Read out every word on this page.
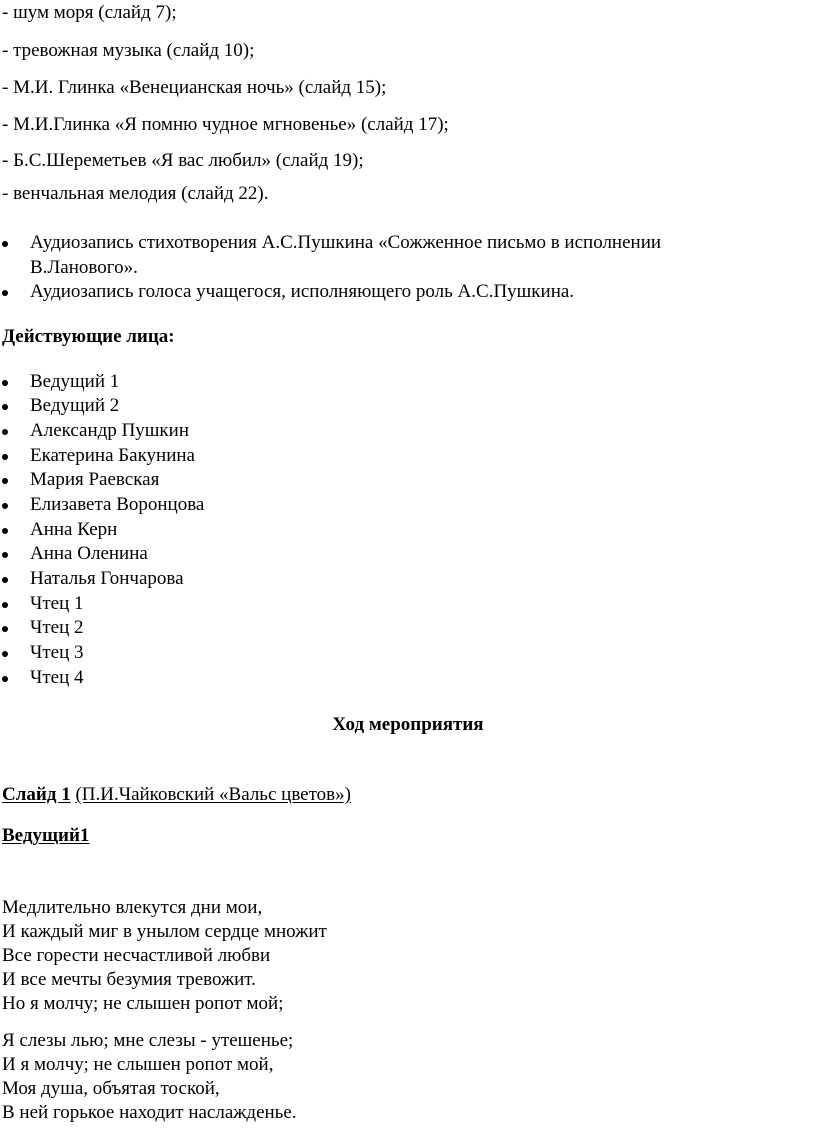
- шум моря (слайд 7);
- тревожная музыка (слайд 10);
- М.И. Глинка «Венецианская ночь» (слайд 15);
- М.И.Глинка «Я помню чудное мгновенье» (слайд 17);
- Б.С.Шереметьев «Я вас любил» (слайд 19);
- венчальная мелодия (слайд 22).
Аудиозапись стихотворения А.С.Пушкина «Сожженное письмо в исполнении
В.Ланового».
Аудиозапись голоса учащегося, исполняющего роль А.С.Пушкина.
Действующие лица:
Ведущий 1
Ведущий 2
Александр Пушкин
Екатерина Бакунина
Мария Раевская
Елизавета Воронцова
Анна Керн
Анна Оленина
Наталья Гончарова
Чтец 1
Чтец 2
Чтец 3
Чтец 4
Ход мероприятия
Слайд 1 (П.И.Чайковский «Вальс цветов»)
Ведущий1
Медлительно влекутся дни мои,
И каждый миг в унылом сердце множит
Все горести несчастливой любви
И все мечты безумия тревожит.
Но я молчу; не слышен ропот мой;
Я слезы лью; мне слезы - утешенье;
И я молчу; не слышен ропот мой,
Моя душа, объятая тоской,
В ней горькое находит наслажденье.
